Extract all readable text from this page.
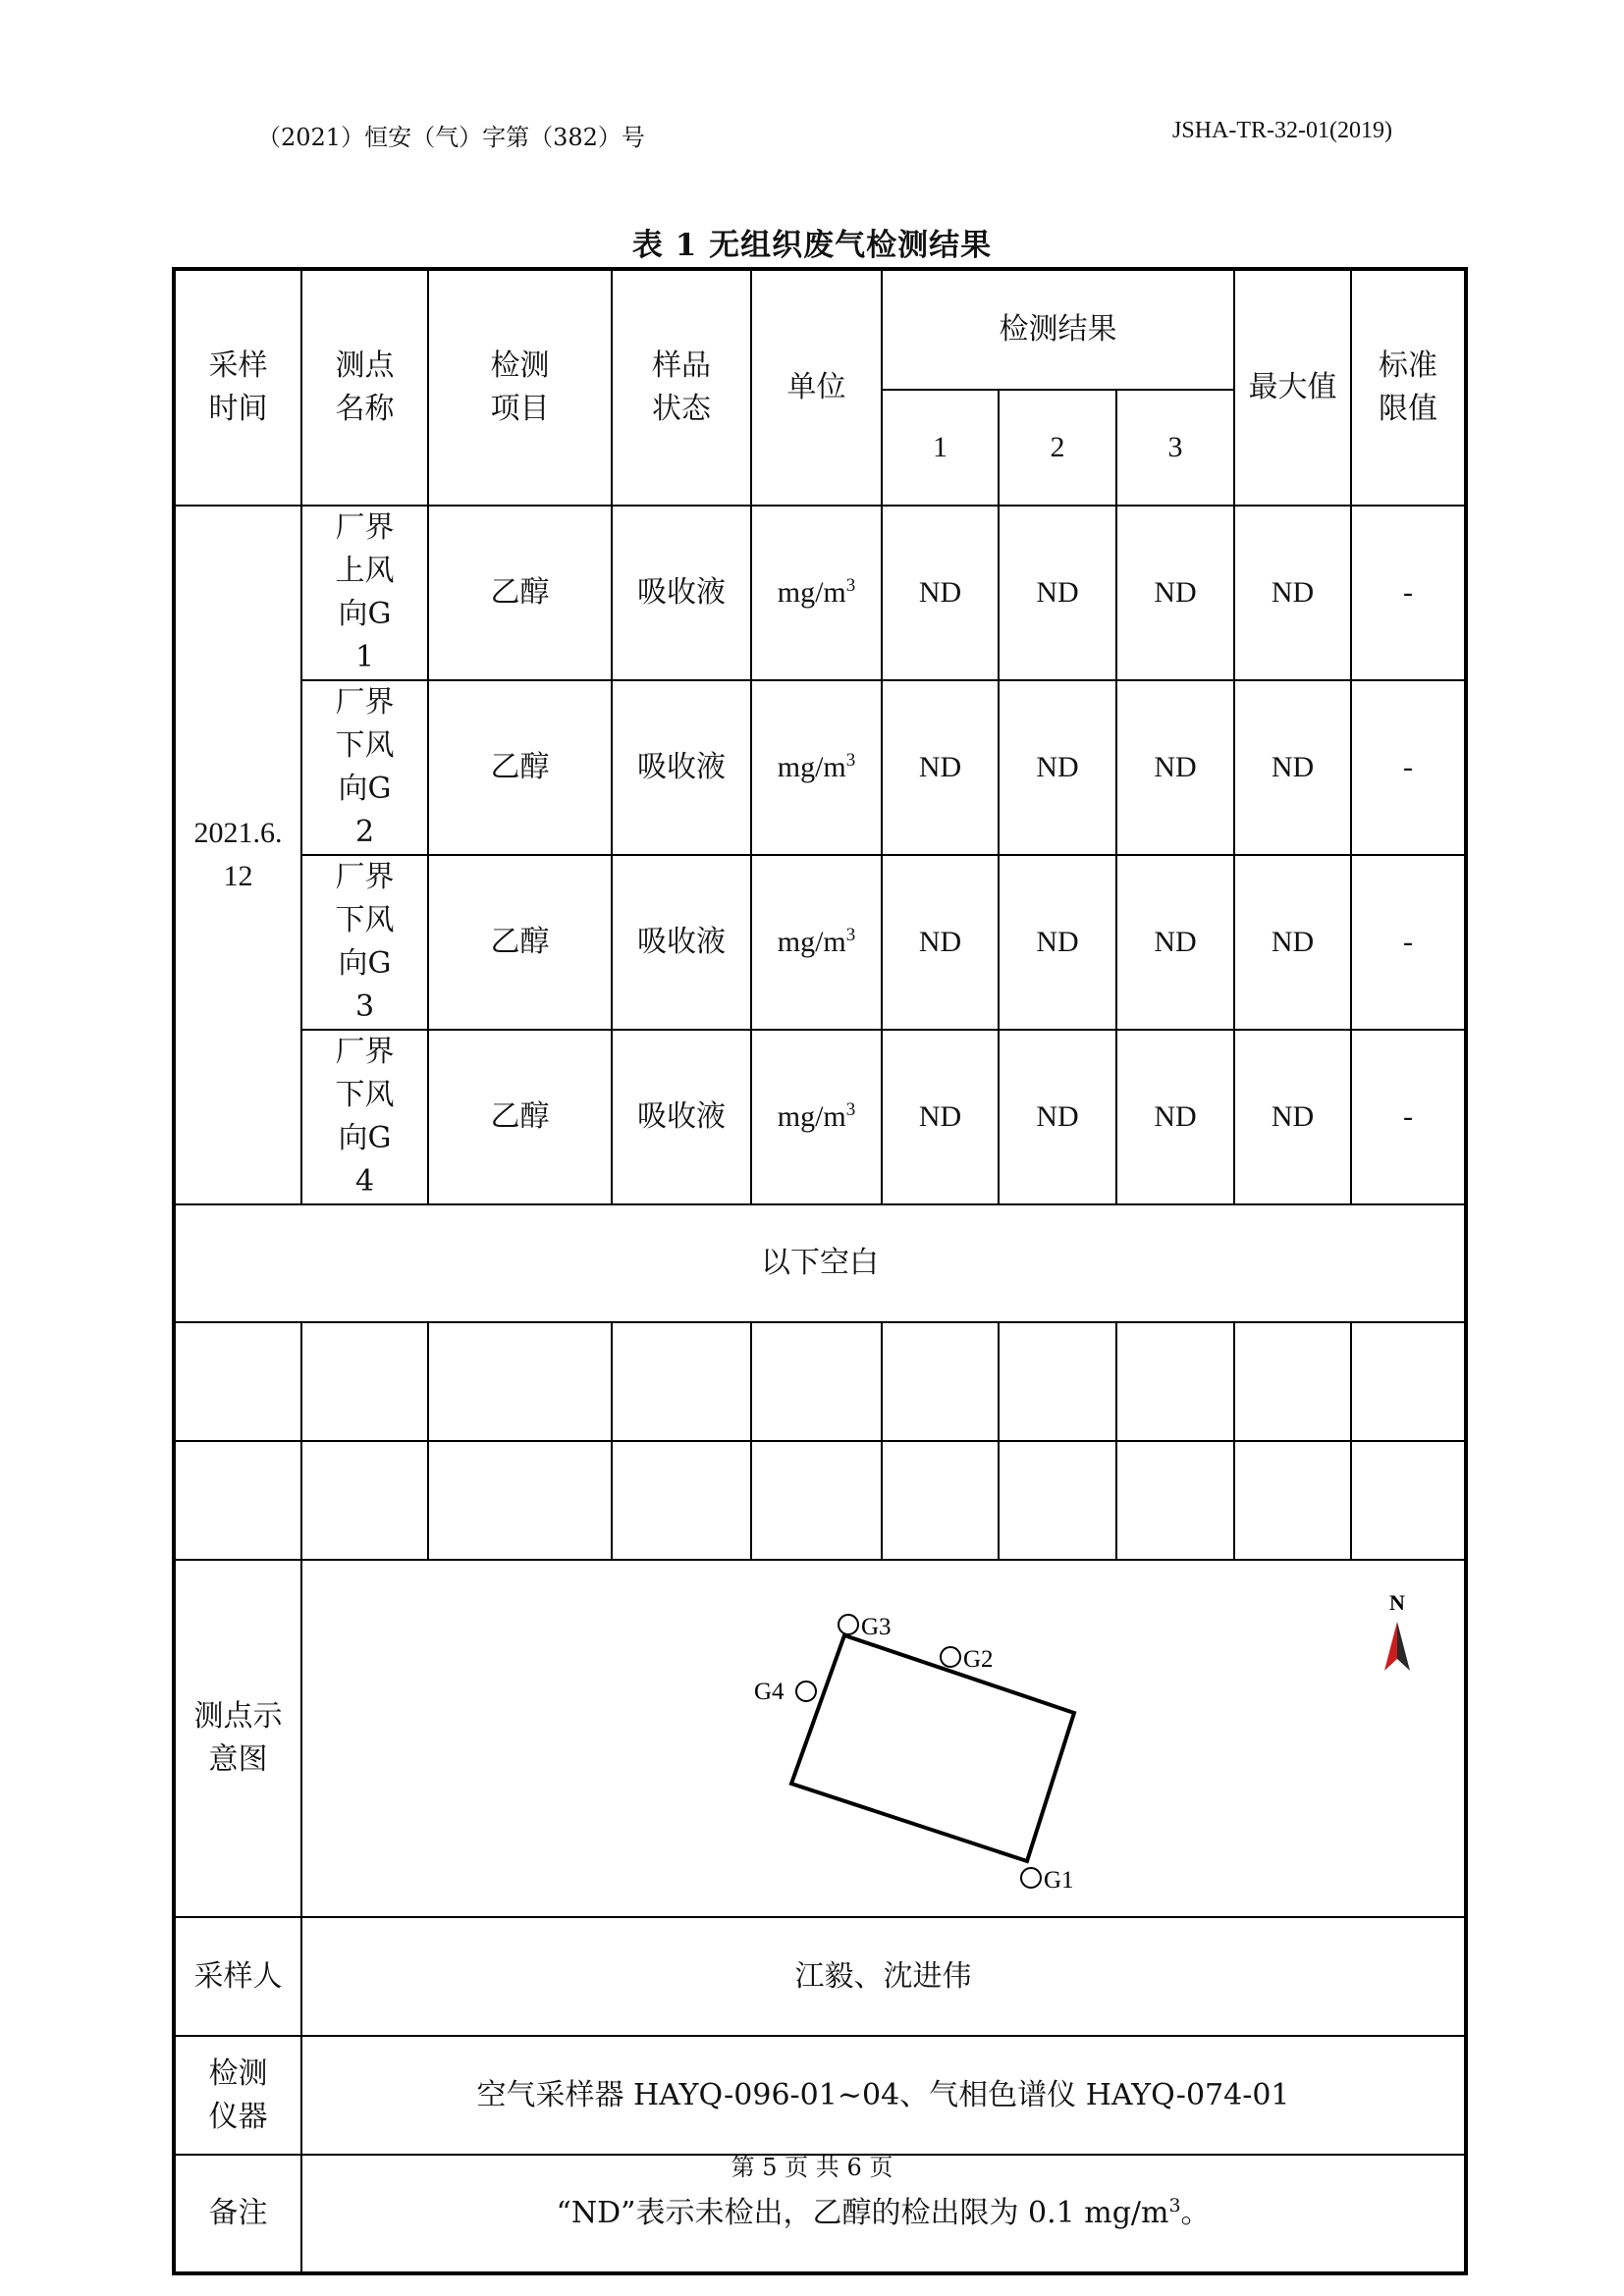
（2021）恒安（气）字第（382）号	JSHA-TR-32-01(2019)
表 1 无组织废气检测结果
采样时间	测点名称	检测项目	样品状态	单位	检测结果			最大值	标准限值

					1	2	3		

2021.6.12	厂界上风向G1	乙醇	吸收液	$mg/m^3$	ND	ND	ND	ND	-

	厂界下风向G2	乙醇	吸收液	$mg/m^3$	ND	ND	ND	ND	-

	厂界下风向G3	乙醇	吸收液	$mg/m^3$	ND	ND	ND	ND	-

	厂界下风向G4	乙醇	吸收液	$mg/m^3$	ND	ND	ND	ND	-
以下空白									

测点示意图	G3
G2
G4
G1
N								

采样人	江毅、沈进伟								

检测仪器	空气采样器 HAYQ-096-01~04、气相色谱仪 HAYQ-074-01								
备注	“ND”表示未检出，乙醇的检出限为 0.1 $mg/m^3$。								
第 5 页 共 6 页
